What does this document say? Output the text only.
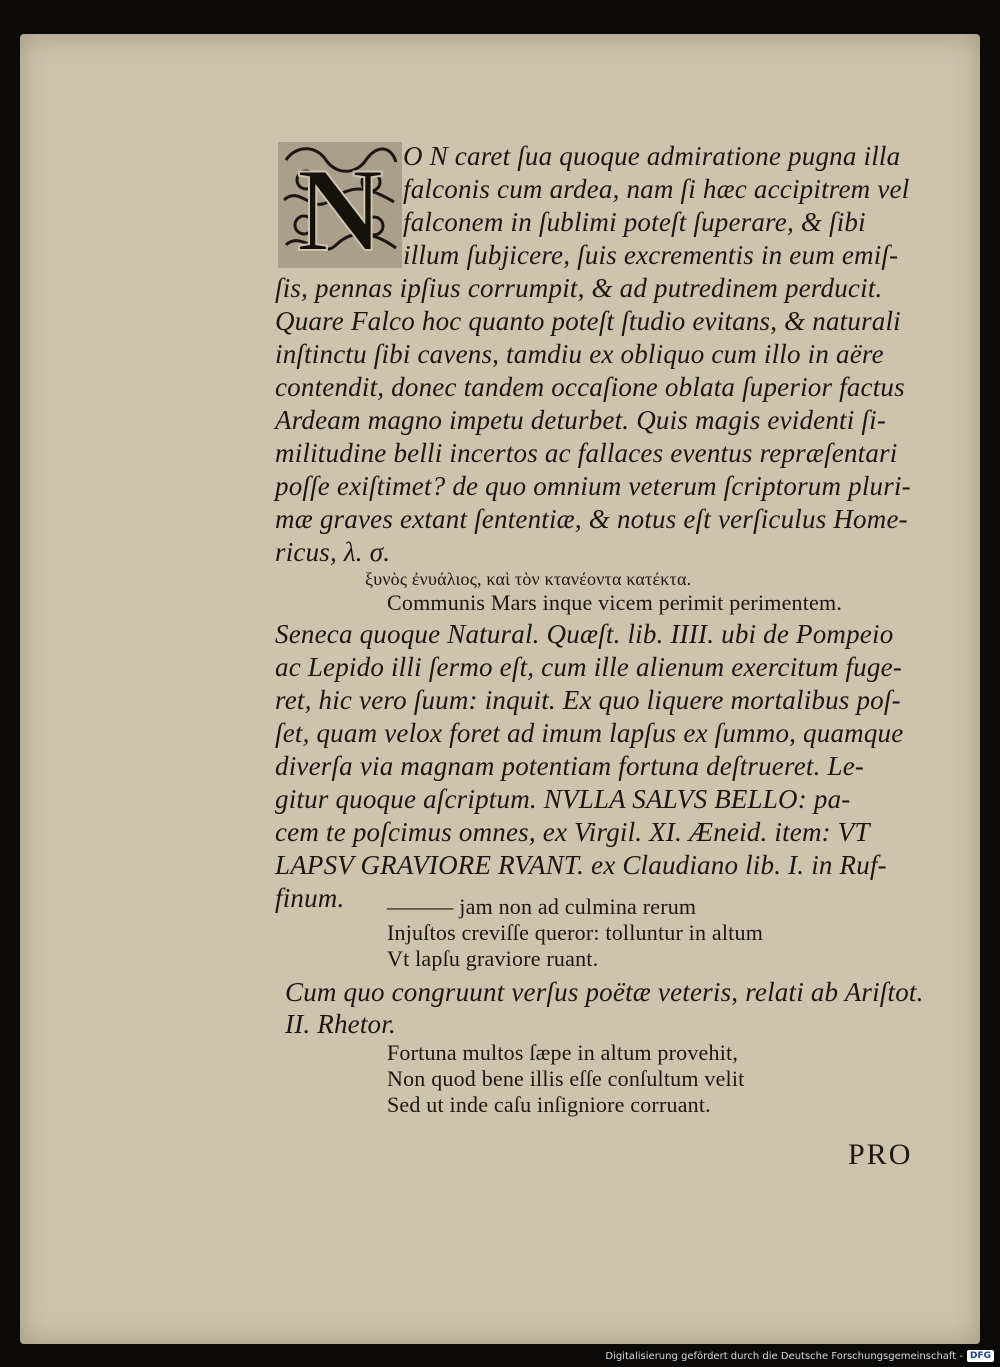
N O N caret ſua quoque admiratione pugna illa
falconis cum ardea, nam ſi hæc accipitrem vel
falconem in ſublimi poteſt ſuperare, & ſibi
illum ſubjicere, ſuis excrementis in eum emiſ-
ſis, pennas ipſius corrumpit, & ad putredinem perducit.
Quare Falco hoc quanto poteſt ſtudio evitans, & naturali
inſtinctu ſibi cavens, tamdiu ex obliquo cum illo in aëre
contendit, donec tandem occaſione oblata ſuperior factus
Ardeam magno impetu deturbet. Quis magis evidenti ſi-
militudine belli incertos ac fallaces eventus repræſentari
poſſe exiſtimet? de quo omnium veterum ſcriptorum pluri-
mæ graves extant ſententiæ, & notus eſt verſiculus Home-
ricus, λ. σ.
ξυνὸς ἐνυάλιος, καὶ τὸν κτανέοντα κατέκτα.
Communis Mars inque vicem perimit perimentem.
Seneca quoque Natural. Quæſt. lib. IIII. ubi de Pompeio
ac Lepido illi ſermo eſt, cum ille alienum exercitum fuge-
ret, hic vero ſuum: inquit. Ex quo liquere mortalibus poſ-
ſet, quam velox foret ad imum lapſus ex ſummo, quamque
diverſa via magnam potentiam fortuna deſtrueret. Le-
gitur quoque aſcriptum. NVLLA SALVS BELLO: pa-
cem te poſcimus omnes, ex Virgil. XI. Æneid. item: VT
LAPSV GRAVIORE RVANT. ex Claudiano lib. I. in Ruf-
finum. ——— jam non ad culmina rerum
Injuſtos creviſſe queror: tolluntur in altum
Vt lapſu graviore ruant.
Cum quo congruunt verſus poëtæ veteris, relati ab Ariſtot.
II. Rhetor.
Fortuna multos ſæpe in altum provehit,
Non quod bene illis eſſe conſultum velit
Sed ut inde caſu inſigniore corruant.
PRO
Digitalisierung gefördert durch die Deutsche Forschungsgemeinschaft - DFG
